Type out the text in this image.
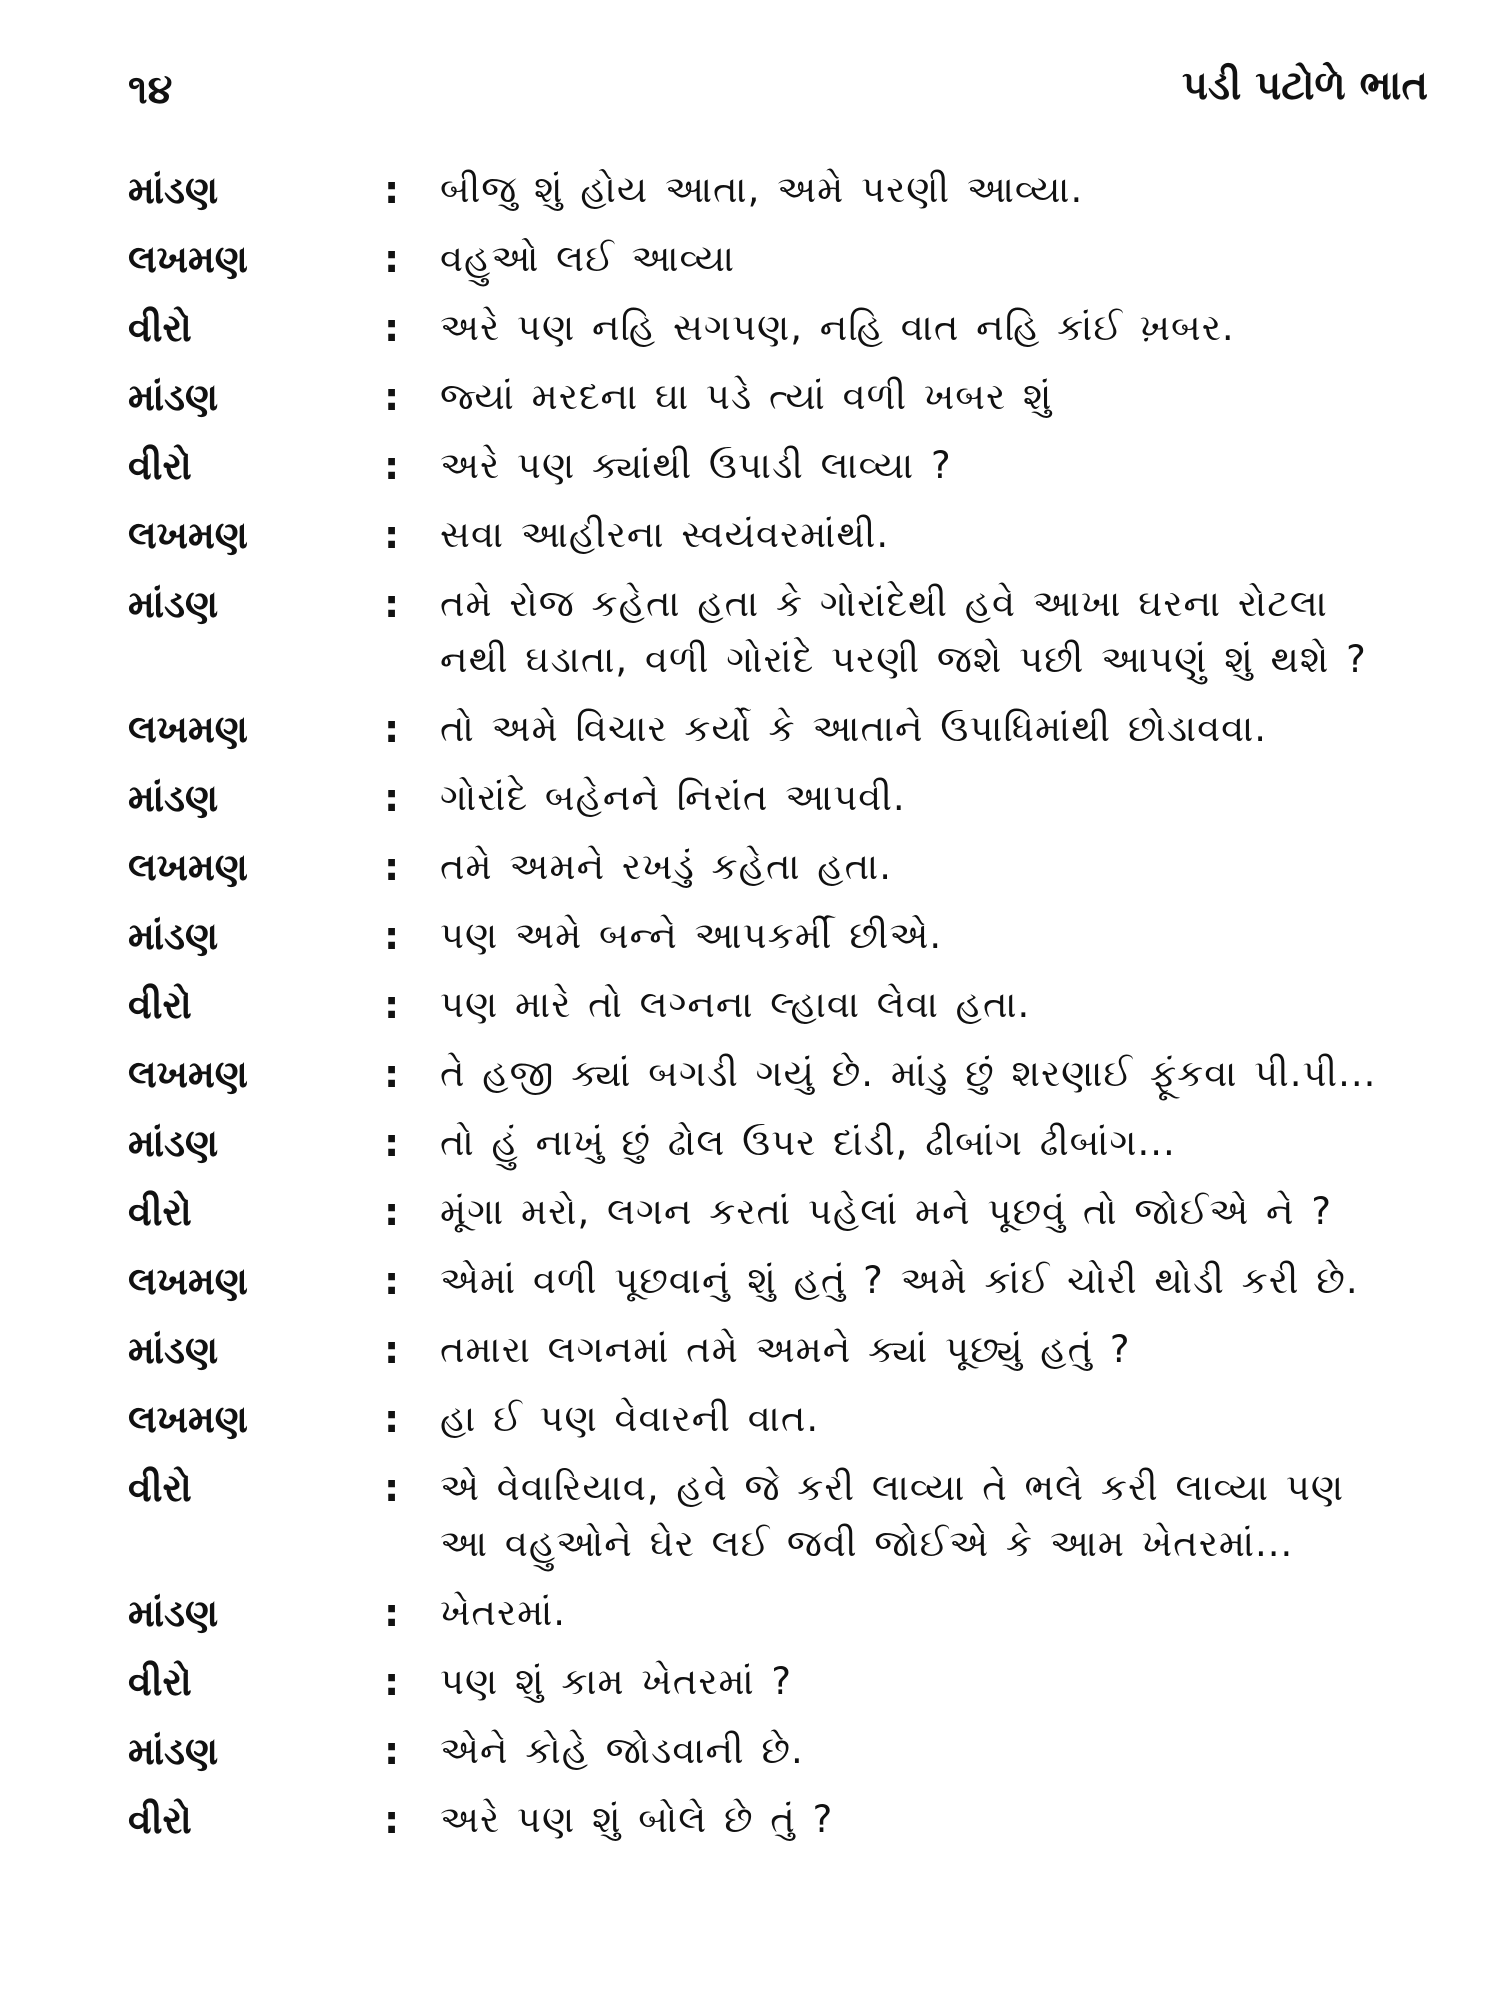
૧૪	પડી પટોળે ભાત
માંડણ	:	બીજુ શું હોય આતા, અમે પરણી આવ્યા.
લખમણ	:	વહુઓ લઈ આવ્યા
વીરો	:	અરે પણ નહિ સગપણ, નહિ વાત નહિ કાંઈ ખ઼બર.
માંડણ	:	જ્યાં મરદના ઘા પડે ત્યાં વળી ખબર શું
વીરો	:	અરે પણ ક્યાંથી ઉપાડી લાવ્યા ?
લખમણ	:	સવા આહીરના સ્વયંવરમાંથી.
માંડણ	:	તમે રોજ કહેતા હતા કે ગોરાંદેથી હવે આખા ઘરના રોટલા
નથી ઘડાતા, વળી ગોરાંદે પરણી જશે પછી આપણું શું થશે ?
લખમણ	:	તો અમે વિચાર કર્યો કે આતાને ઉપાધિમાંથી છોડાવવા.
માંડણ	:	ગોરાંદે બહેનને નિરાંત આપવી.
લખમણ	:	તમે અમને રખડું કહેતા હતા.
માંડણ	:	પણ અમે બન્ને આપકર્મી છીએ.
વીરો	:	પણ મારે તો લગ્નના લ્હાવા લેવા હતા.
લખમણ	:	તે હજી ક્યાં બગડી ગયું છે. માંડુ છું શરણાઈ ફૂંકવા પી.પી...
માંડણ	:	તો હું નાખું છું ઢોલ ઉપર દાંડી, ઢીબાંગ ઢીબાંગ...
વીરો	:	મૂંગા મરો, લગન કરતાં પહેલાં મને પૂછવું તો જોઈએ ને ?
લખમણ	:	એમાં વળી પૂછવાનું શું હતું ? અમે કાંઈ ચોરી થોડી કરી છે.
માંડણ	:	તમારા લગનમાં તમે અમને ક્યાં પૂછ્યું હતું ?
લખમણ	:	હા ઈ પણ વેવારની વાત.
વીરો	:	એ વેવારિયાવ, હવે જે કરી લાવ્યા તે ભલે કરી લાવ્યા પણ
આ વહુઓને ઘેર લઈ જવી જોઈએ કે આમ ખેતરમાં...
માંડણ	:	ખેતરમાં.
વીરો	:	પણ શું કામ ખેતરમાં ?
માંડણ	:	એને કોહે જોડવાની છે.
વીરો	:	અરે પણ શું બોલે છે તું ?
